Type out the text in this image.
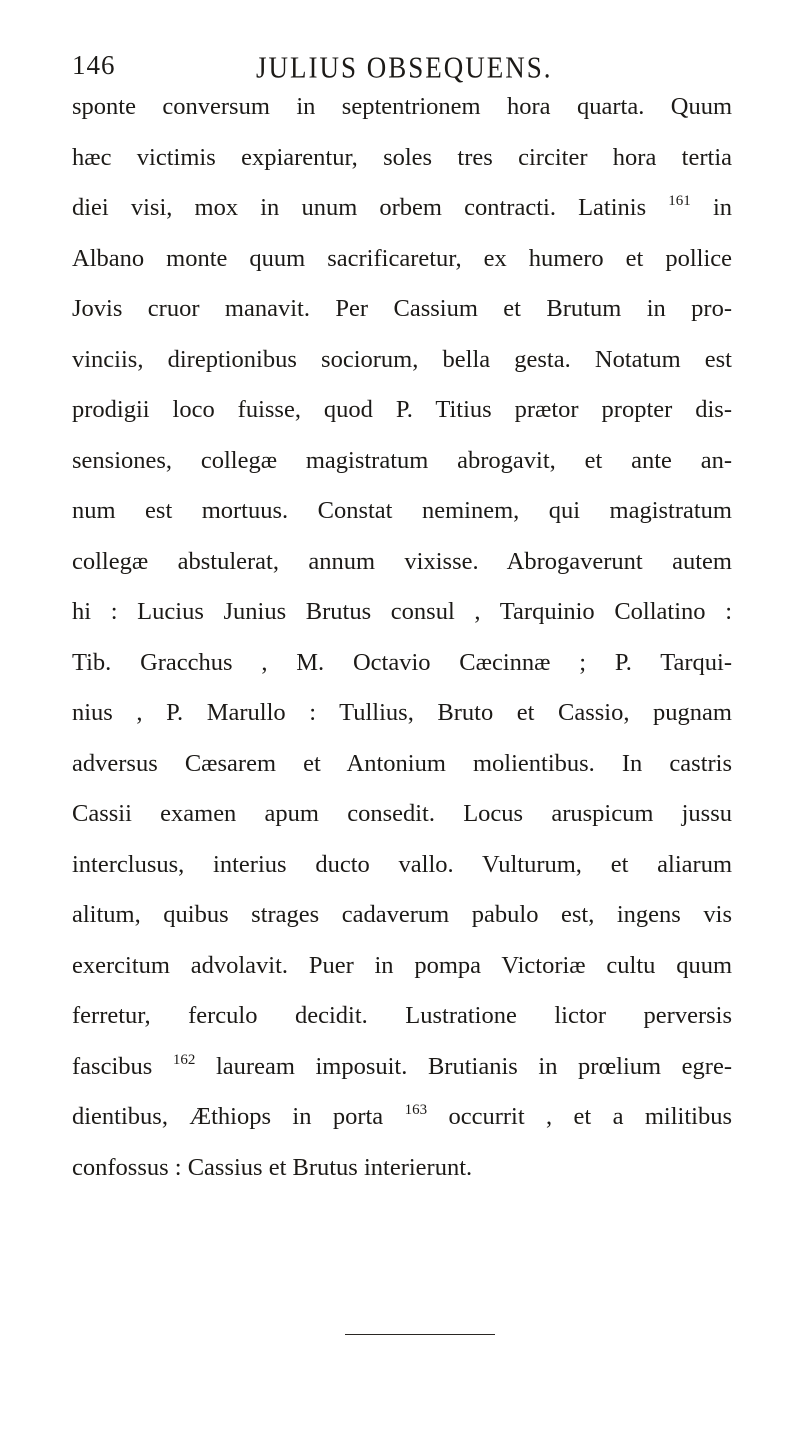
146	JULIUS OBSEQUENS.
sponte conversum in septentrionem hora quarta. Quum
hæc victimis expiarentur, soles tres circiter hora tertia
diei visi, mox in unum orbem contracti. Latinis $^{161}$ in
Albano monte quum sacrificaretur, ex humero et pollice
Jovis cruor manavit. Per Cassium et Brutum in pro-
vinciis, direptionibus sociorum, bella gesta. Notatum est
prodigii loco fuisse, quod P. Titius prætor propter dis-
sensiones, collegæ magistratum abrogavit, et ante an-
num est mortuus. Constat neminem, qui magistratum
collegæ abstulerat, annum vixisse. Abrogaverunt autem
hi : Lucius Junius Brutus consul , Tarquinio Collatino :
Tib. Gracchus , M. Octavio Cæcinnæ ; P. Tarqui-
nius , P. Marullo : Tullius, Bruto et Cassio, pugnam
adversus Cæsarem et Antonium molientibus. In castris
Cassii examen apum consedit. Locus aruspicum jussu
interclusus, interius ducto vallo. Vulturum, et aliarum
alitum, quibus strages cadaverum pabulo est, ingens vis
exercitum advolavit. Puer in pompa Victoriæ cultu quum
ferretur, ferculo decidit. Lustratione lictor perversis
fascibus $^{162}$ lauream imposuit. Brutianis in prœlium egre-
dientibus, Æthiops in porta $^{163}$ occurrit , et a militibus
confossus : Cassius et Brutus interierunt.
